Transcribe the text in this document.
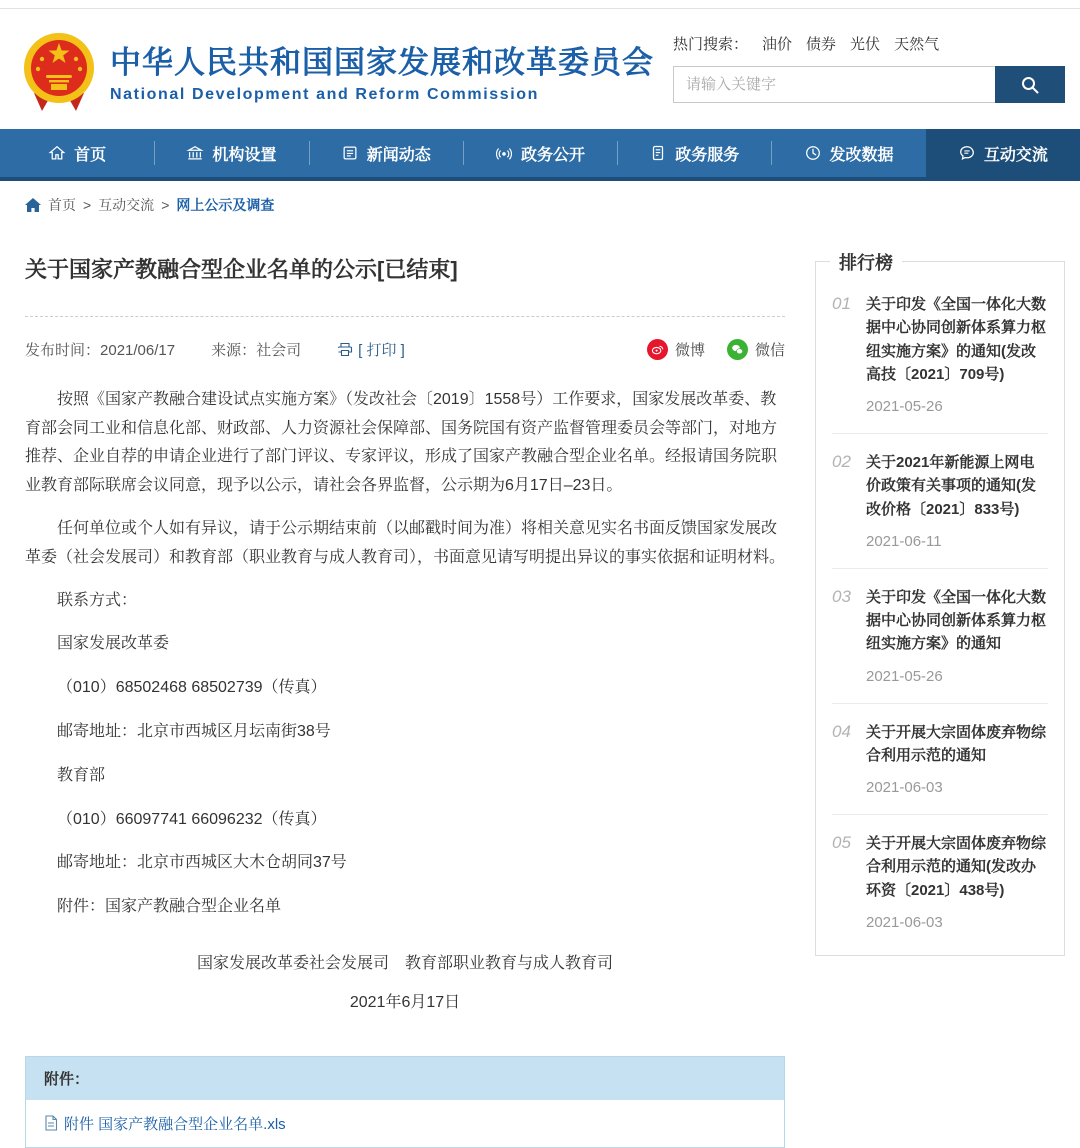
中华人民共和国国家发展和改革委员会
National Development and Reform Commission
热门搜索： 油价 债券 光伏 天然气
请输入关键字
首页	机构设置	新闻动态	政务公开	政务服务	发改数据	互动交流
首页 > 互动交流 > 网上公示及调查
关于国家产教融合型企业名单的公示[已结束]
发布时间：2021/06/17 来源：社会司	[ 打印 ]	微博	微信

按照《国家产教融合建设试点实施方案》（发改社会〔2019〕1558号）工作要求，国家发展改革委、教育部会同工业和信息化部、财政部、人力资源社会保障部、国务院国有资产监督管理委员会等部门，对地方推荐、企业自荐的申请企业进行了部门评议、专家评议，形成了国家产教融合型企业名单。经报请国务院职业教育部际联席会议同意，现予以公示，请社会各界监督，公示期为6月17日–23日。

任何单位或个人如有异议，请于公示期结束前（以邮戳时间为准）将相关意见实名书面反馈国家发展改革委（社会发展司）和教育部（职业教育与成人教育司），书面意见请写明提出异议的事实依据和证明材料。

联系方式：

国家发展改革委

（010）68502468 68502739（传真）

邮寄地址：北京市西城区月坛南街38号

教育部

（010）66097741 66096232（传真）

邮寄地址：北京市西城区大木仓胡同37号

附件：国家产教融合型企业名单

国家发展改革委社会发展司　教育部职业教育与成人教育司
2021年6月17日
附件：
附件 国家产教融合型企业名单.xls
排行榜
01	关于印发《全国一体化大数据中心协同创新体系算力枢纽实施方案》的通知(发改高技〔2021〕709号)
2021-05-26
02	关于2021年新能源上网电价政策有关事项的通知(发改价格〔2021〕833号)
2021-06-11
03	关于印发《全国一体化大数据中心协同创新体系算力枢纽实施方案》的通知
2021-05-26
04	关于开展大宗固体废弃物综合利用示范的通知
2021-06-03
05	关于开展大宗固体废弃物综合利用示范的通知(发改办环资〔2021〕438号)
2021-06-03
